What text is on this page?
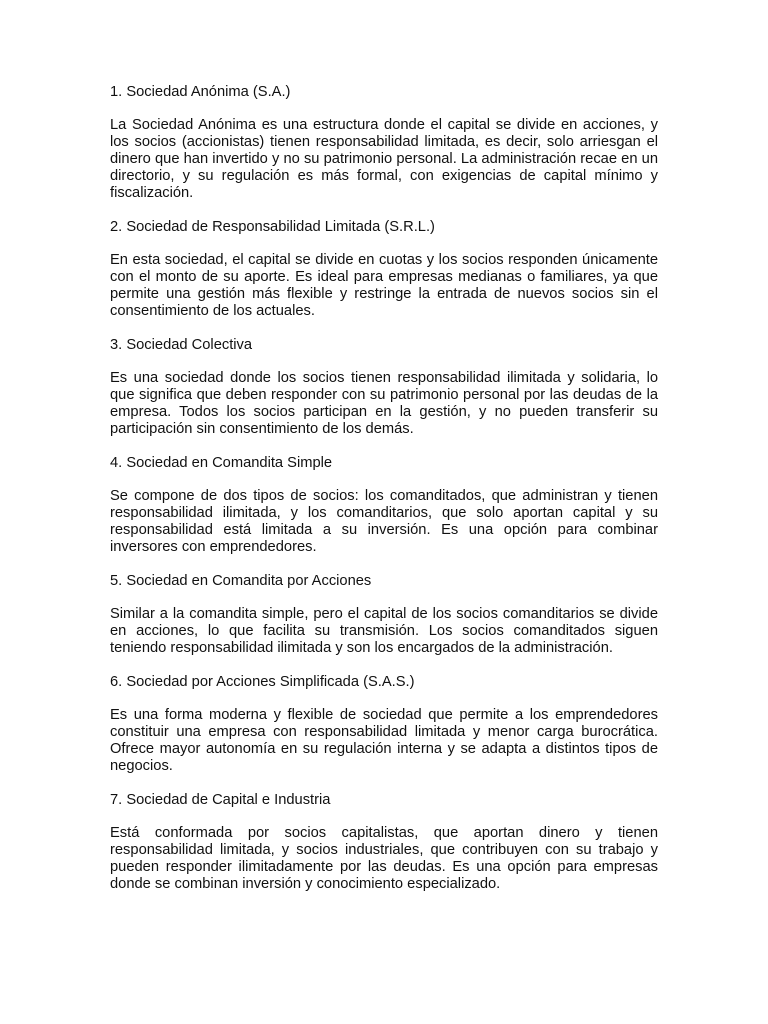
1. Sociedad Anónima (S.A.)

La Sociedad Anónima es una estructura donde el capital se divide en acciones, y los socios (accionistas) tienen responsabilidad limitada, es decir, solo arriesgan el dinero que han invertido y no su patrimonio personal. La administración recae en un directorio, y su regulación es más formal, con exigencias de capital mínimo y fiscalización.

2. Sociedad de Responsabilidad Limitada (S.R.L.)

En esta sociedad, el capital se divide en cuotas y los socios responden únicamente con el monto de su aporte. Es ideal para empresas medianas o familiares, ya que permite una gestión más flexible y restringe la entrada de nuevos socios sin el consentimiento de los actuales.

3. Sociedad Colectiva

Es una sociedad donde los socios tienen responsabilidad ilimitada y solidaria, lo que significa que deben responder con su patrimonio personal por las deudas de la empresa. Todos los socios participan en la gestión, y no pueden transferir su participación sin consentimiento de los demás.

4. Sociedad en Comandita Simple

Se compone de dos tipos de socios: los comanditados, que administran y tienen responsabilidad ilimitada, y los comanditarios, que solo aportan capital y su responsabilidad está limitada a su inversión. Es una opción para combinar inversores con emprendedores.

5. Sociedad en Comandita por Acciones

Similar a la comandita simple, pero el capital de los socios comanditarios se divide en acciones, lo que facilita su transmisión. Los socios comanditados siguen teniendo responsabilidad ilimitada y son los encargados de la administración.

6. Sociedad por Acciones Simplificada (S.A.S.)

Es una forma moderna y flexible de sociedad que permite a los emprendedores constituir una empresa con responsabilidad limitada y menor carga burocrática. Ofrece mayor autonomía en su regulación interna y se adapta a distintos tipos de negocios.

7. Sociedad de Capital e Industria

Está conformada por socios capitalistas, que aportan dinero y tienen responsabilidad limitada, y socios industriales, que contribuyen con su trabajo y pueden responder ilimitadamente por las deudas. Es una opción para empresas donde se combinan inversión y conocimiento especializado.
